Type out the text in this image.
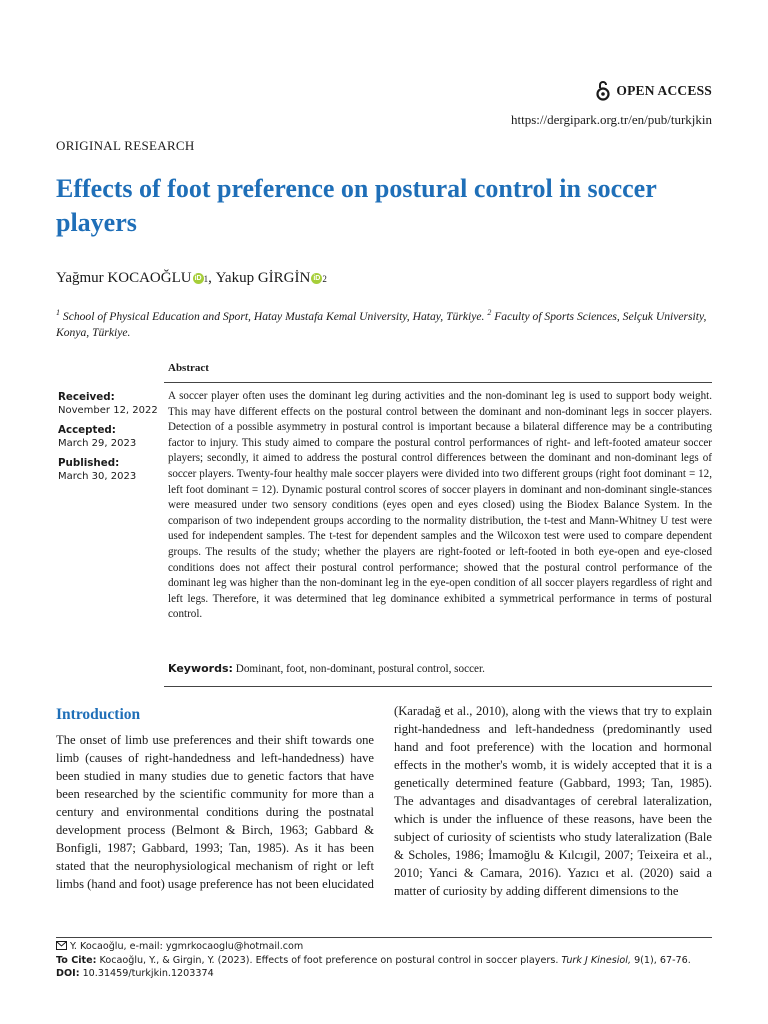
OPEN ACCESS
https://dergipark.org.tr/en/pub/turkjkin
ORIGINAL RESEARCH
Effects of foot preference on postural control in soccer players
Yağmur KOCAOĞLU iD 1 , Yakup GİRGİN iD 2

$^1$ School of Physical Education and Sport, Hatay Mustafa Kemal University, Hatay, Türkiye. $^2$ Faculty of Sports Sciences, Selçuk University, Konya, Türkiye.

Abstract
Received:
November 12, 2022
Accepted:
March 29, 2023
Published:
March 30, 2023

A soccer player often uses the dominant leg during activities and the non-dominant leg is used to support body weight. This may have different effects on the postural control between the dominant and non-dominant legs in soccer players. Detection of a possible asymmetry in postural control is important because a bilateral difference may be a contributing factor to injury. This study aimed to compare the postural control performances of right- and left-footed amateur soccer players; secondly, it aimed to address the postural control differences between the dominant and non-dominant legs of soccer players. Twenty-four healthy male soccer players were divided into two different groups (right foot dominant = 12, left foot dominant = 12). Dynamic postural control scores of soccer players in dominant and non-dominant single-stances were measured under two sensory conditions (eyes open and eyes closed) using the Biodex Balance System. In the comparison of two independent groups according to the normality distribution, the t-test and Mann-Whitney U test were used for independent samples. The t-test for dependent samples and the Wilcoxon test were used to compare dependent groups. The results of the study; whether the players are right-footed or left-footed in both eye-open and eye-closed conditions does not affect their postural control performance; showed that the postural control performance of the dominant leg was higher than the non-dominant leg in the eye-open condition of all soccer players regardless of right and left legs. Therefore, it was determined that leg dominance exhibited a symmetrical performance in terms of postural control.

Keywords: Dominant, foot, non-dominant, postural control, soccer.
Introduction

The onset of limb use preferences and their shift towards one limb (causes of right-handedness and left-handedness) have been studied in many studies due to genetic factors that have been researched by the scientific community for more than a century and environmental conditions during the postnatal development process (Belmont & Birch, 1963; Gabbard & Bonfigli, 1987; Gabbard, 1993; Tan, 1985). As it has been stated that the neurophysiological mechanism of right or left limbs (hand and foot) usage preference has not been elucidated

(Karadağ et al., 2010), along with the views that try to explain right-handedness and left-handedness (predominantly used hand and foot preference) with the location and hormonal effects in the mother's womb, it is widely accepted that it is a genetically determined feature (Gabbard, 1993; Tan, 1985). The advantages and disadvantages of cerebral lateralization, which is under the influence of these reasons, have been the subject of curiosity of scientists who study lateralization (Bale & Scholes, 1986; İmamoğlu & Kılcıgil, 2007; Teixeira et al., 2010; Yanci & Camara, 2016). Yazıcı et al. (2020) said a matter of curiosity by adding different dimensions to the

Y. Kocaoğlu, e-mail: ygmrkocaoglu@hotmail.com
To Cite: Kocaoğlu, Y., & Girgin, Y. (2023). Effects of foot preference on postural control in soccer players. Turk J Kinesiol, 9(1), 67-76.
DOI: 10.31459/turkjkin.1203374
